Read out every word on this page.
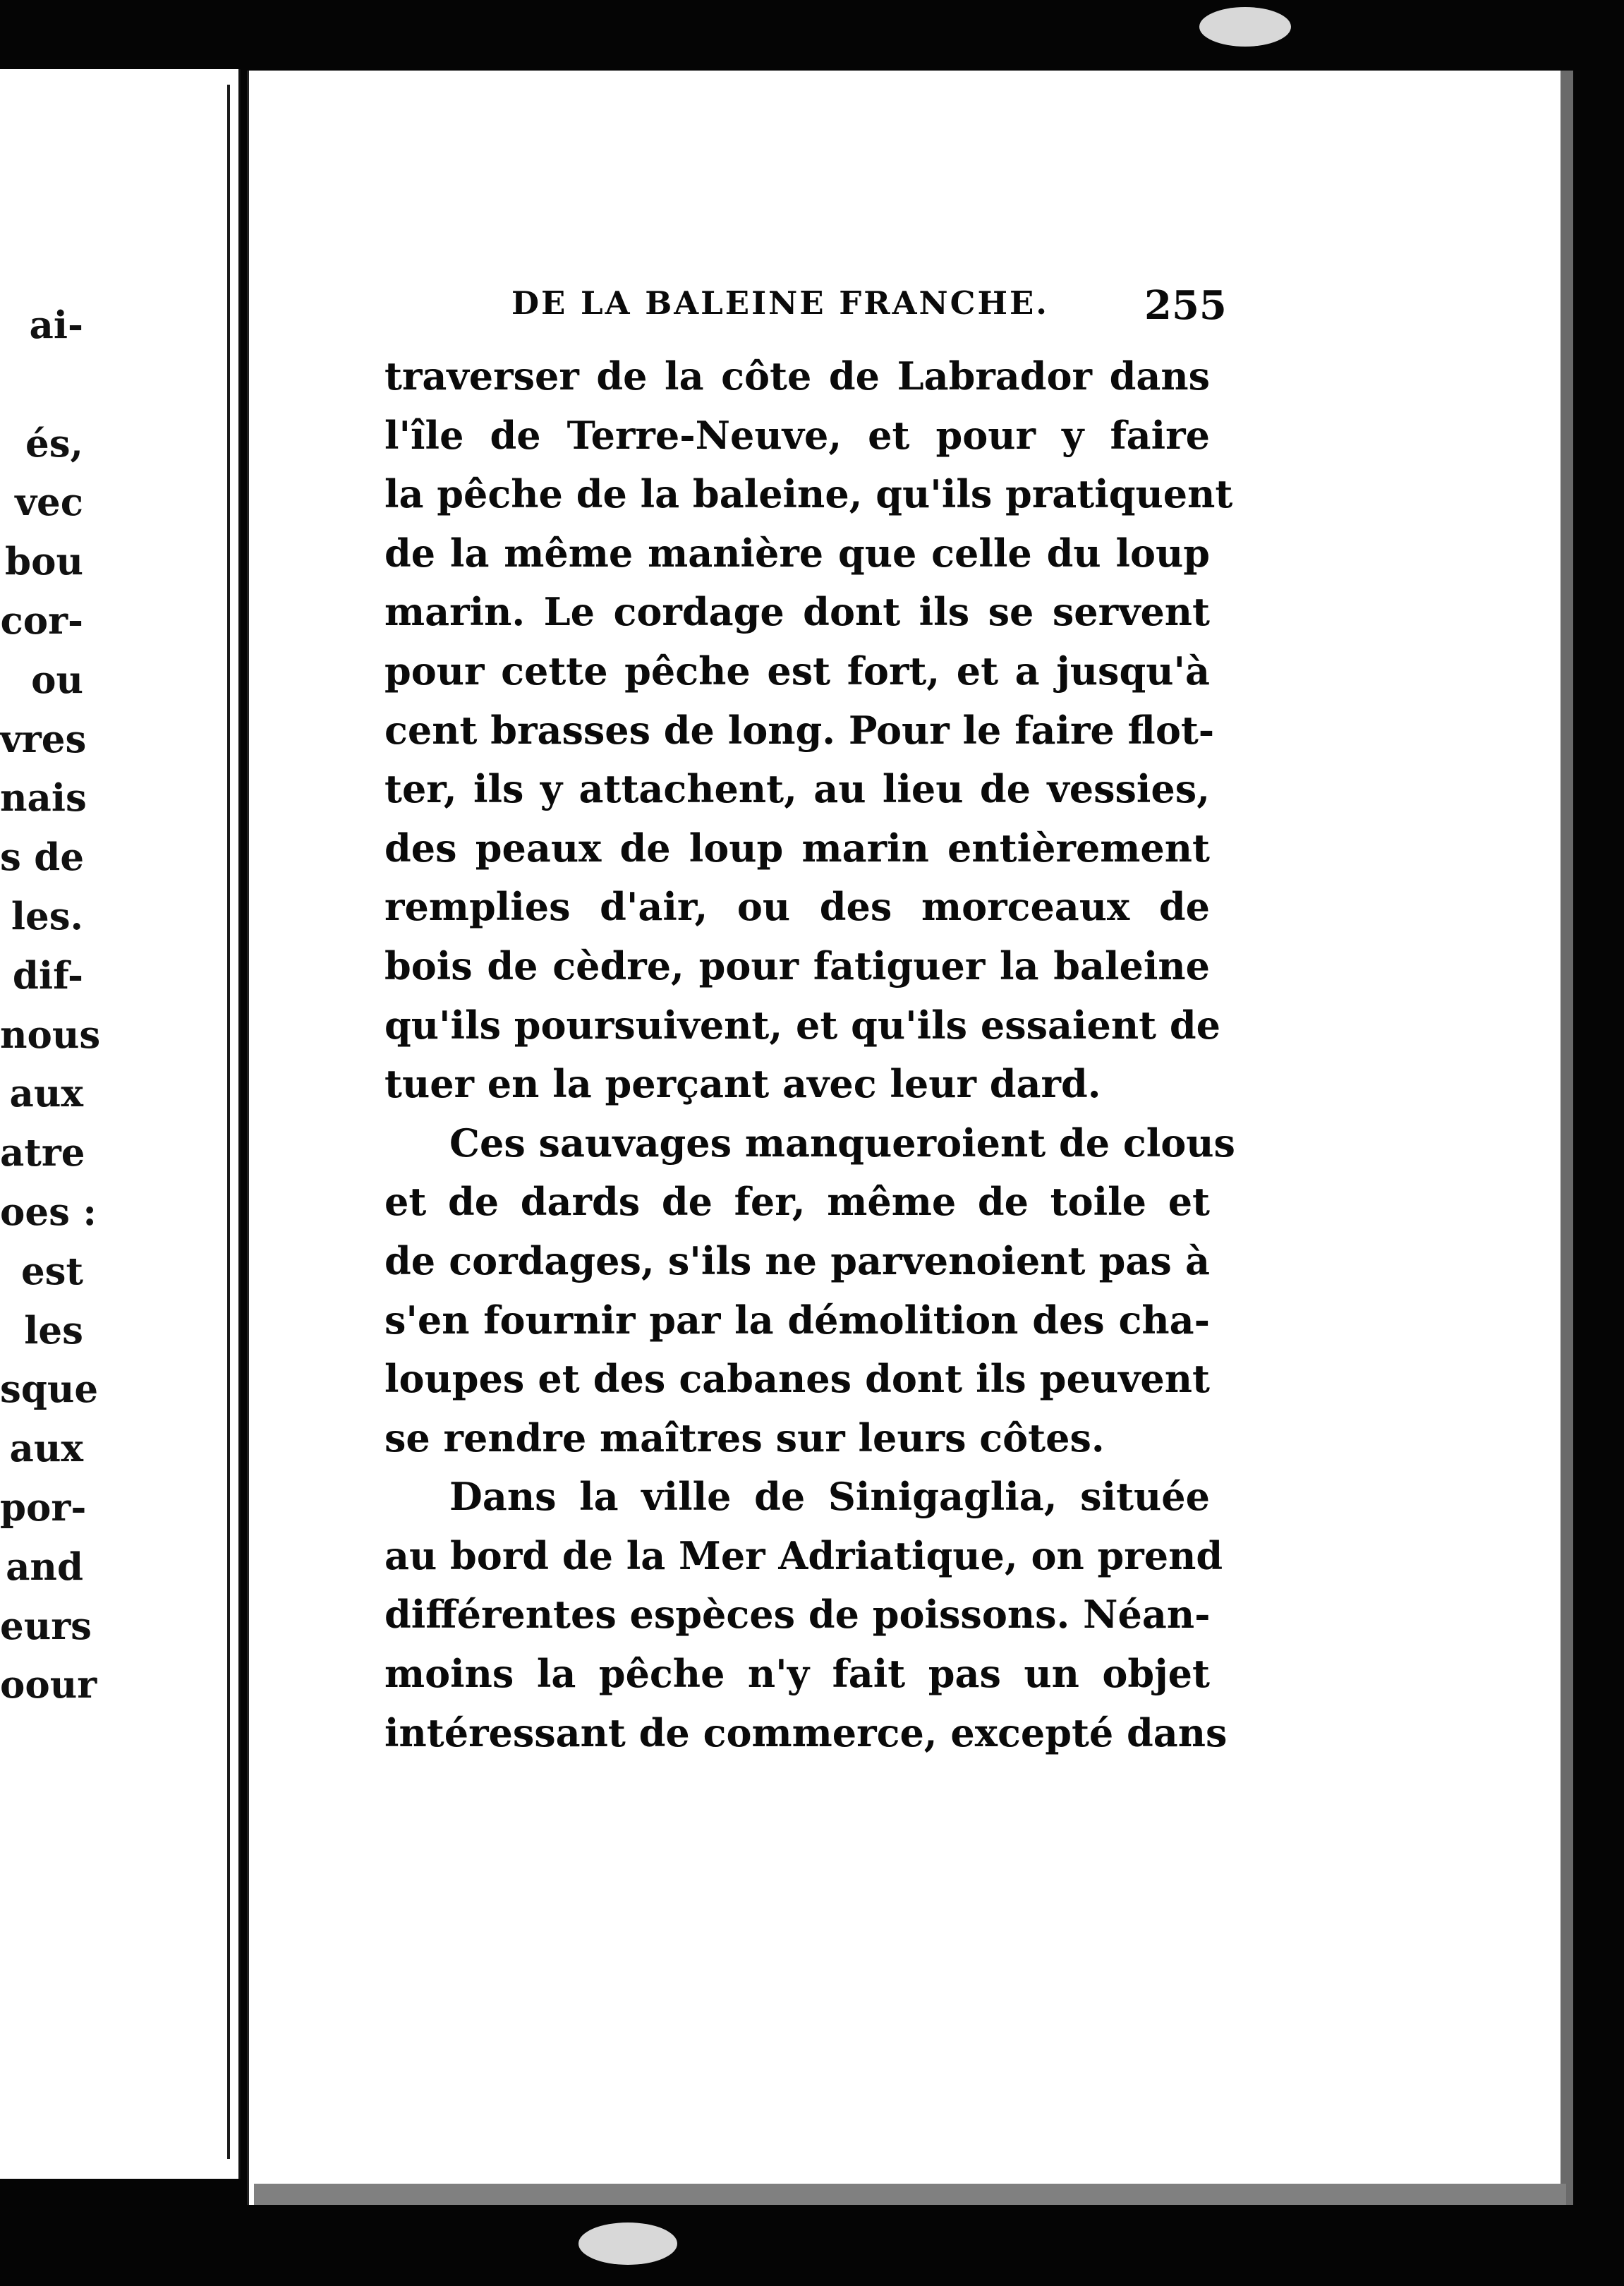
ai-
és,
vec
bou
cor-
ou
vres
nais
s de
les.
dif-
nous
aux
atre
oes :
est
les
sque
aux
por-
and
eurs
oour
DE LA BALEINE FRANCHE.	255
traverser de la côte de Labrador dans
l'île de Terre-Neuve, et pour y faire
la pêche de la baleine, qu'ils pratiquent
de la même manière que celle du loup
marin. Le cordage dont ils se servent
pour cette pêche est fort, et a jusqu'à
cent brasses de long. Pour le faire flot-
ter, ils y attachent, au lieu de vessies,
des peaux de loup marin entièrement
remplies d'air, ou des morceaux de
bois de cèdre, pour fatiguer la baleine
qu'ils poursuivent, et qu'ils essaient de
tuer en la perçant avec leur dard.
Ces sauvages manqueroient de clous
et de dards de fer, même de toile et
de cordages, s'ils ne parvenoient pas à
s'en fournir par la démolition des cha-
loupes et des cabanes dont ils peuvent
se rendre maîtres sur leurs côtes.
Dans la ville de Sinigaglia, située
au bord de la Mer Adriatique, on prend
différentes espèces de poissons. Néan-
moins la pêche n'y fait pas un objet
intéressant de commerce, excepté dans
